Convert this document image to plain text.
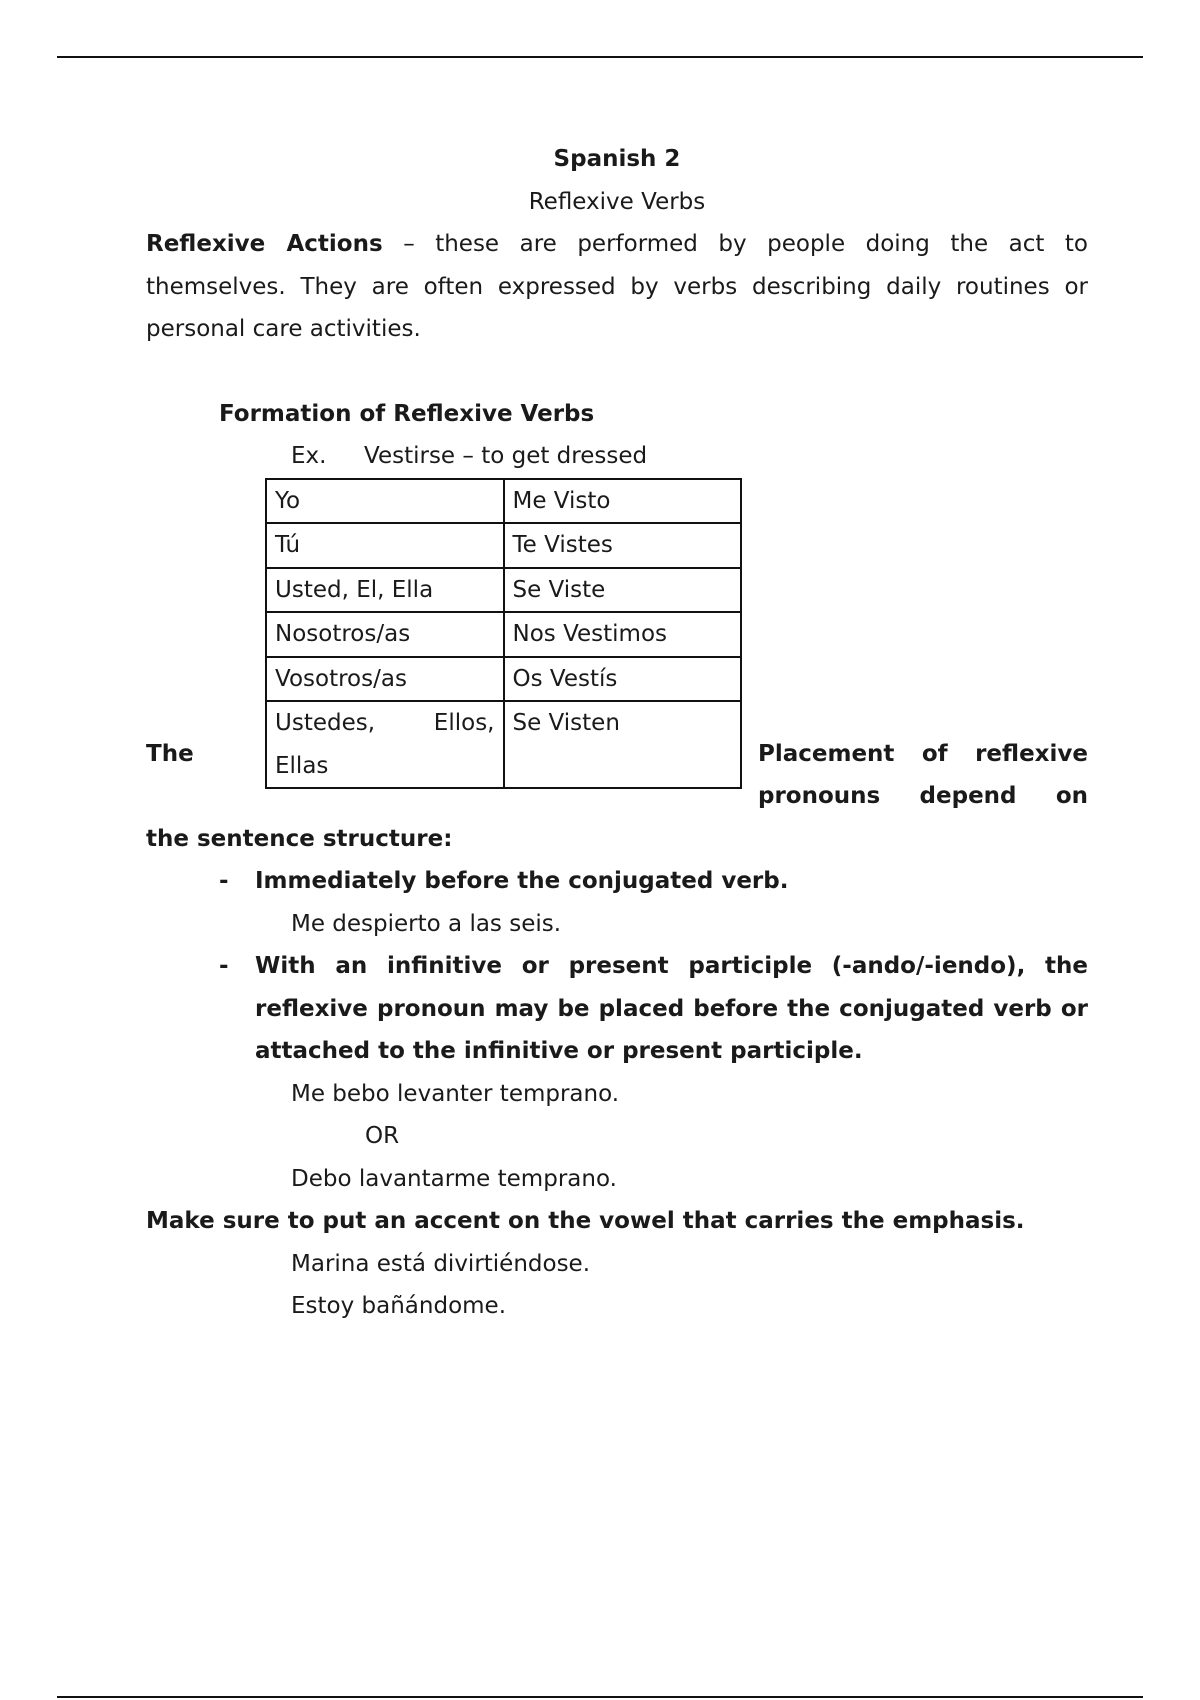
Spanish 2
Reflexive Verbs

Reflexive Actions – these are performed by people doing the act to themselves. They are often expressed by verbs describing daily routines or personal care activities.

Formation of Reflexive Verbs
Ex. Vestirse – to get dressed
The
Yo	Me Visto
Tú	Te Vistes
Usted, El, Ella	Se Viste
Nosotros/as	Nos Vestimos
Vosotros/as	Os Vestís
Ustedes, Ellos, Ellas	Se Visten
Placement of reflexive
pronouns depend on
the sentence structure:
-	Immediately before the conjugated verb.
Me despierto a las seis.
-	With an infinitive or present participle (-ando/-iendo), the reflexive pronoun may be placed before the conjugated verb or attached to the infinitive or present participle.
Me bebo levanter temprano.
OR
Debo lavantarme temprano.
Make sure to put an accent on the vowel that carries the emphasis.
Marina está divirtiéndose.
Estoy bañándome.
